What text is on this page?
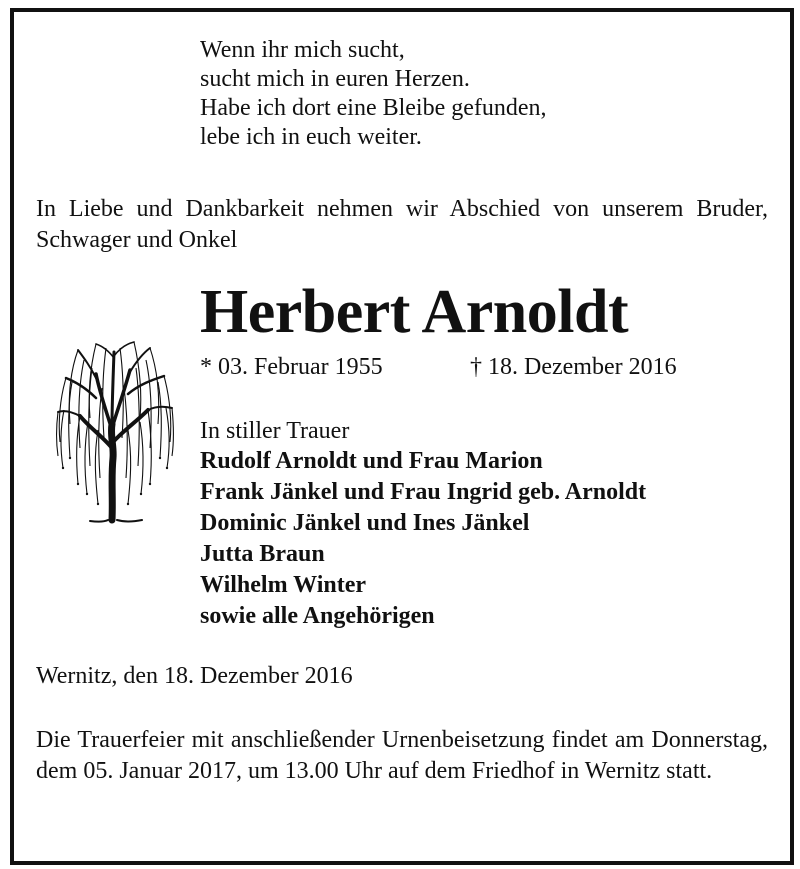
Wenn ihr mich sucht,
sucht mich in euren Herzen.
Habe ich dort eine Bleibe gefunden,
lebe ich in euch weiter.
In Liebe und Dankbarkeit nehmen wir Abschied von unserem Bruder, Schwager und Onkel
Herbert Arnoldt
* 03. Februar 1955	† 18. Dezember 2016
In stiller Trauer
Rudolf Arnoldt und Frau Marion
Frank Jänkel und Frau Ingrid geb. Arnoldt
Dominic Jänkel und Ines Jänkel
Jutta Braun
Wilhelm Winter
sowie alle Angehörigen
Wernitz, den 18. Dezember 2016
Die Trauerfeier mit anschließender Urnenbeisetzung findet am Donnerstag, dem 05. Januar 2017, um 13.00 Uhr auf dem Friedhof in Wernitz statt.
